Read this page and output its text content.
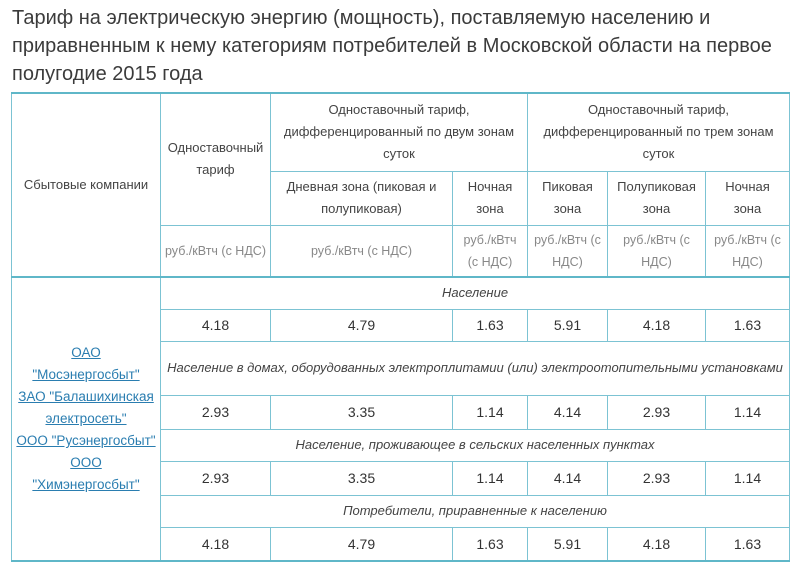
Тариф на электрическую энергию (мощность), поставляемую населению и приравненным к нему категориям потребителей в Московской области на первое полугодие 2015 года
Сбытовые компании	Одноставочный тариф	Одноставочный тариф, дифференцированный по двум зонам суток		Одноставочный тариф, дифференцированный по трем зонам суток		
		Дневная зона (пиковая и полупиковая)	Ночная зона	Пиковая зона	Полупиковая зона	Ночная зона
	руб./кВтч (с НДС)	руб./кВтч (с НДС)	руб./кВтч (с НДС)	руб./кВтч (с НДС)	руб./кВтч (с НДС)	руб./кВтч (с НДС)

ОАО "Мосэнергосбыт"
ЗАО "Балашихинская электросеть"
ООО "Русэнергосбыт"
ООО "Химэнергосбыт"	Население					
	4.18	4.79	1.63	5.91	4.18	1.63
	Население в домах, оборудованных электроплитамии (или) электроотопительными установками					
	2.93	3.35	1.14	4.14	2.93	1.14
	Население, проживающее в сельских населенных пунктах					
	2.93	3.35	1.14	4.14	2.93	1.14
	Потребители, приравненные к населению					
	4.18	4.79	1.63	5.91	4.18	1.63
